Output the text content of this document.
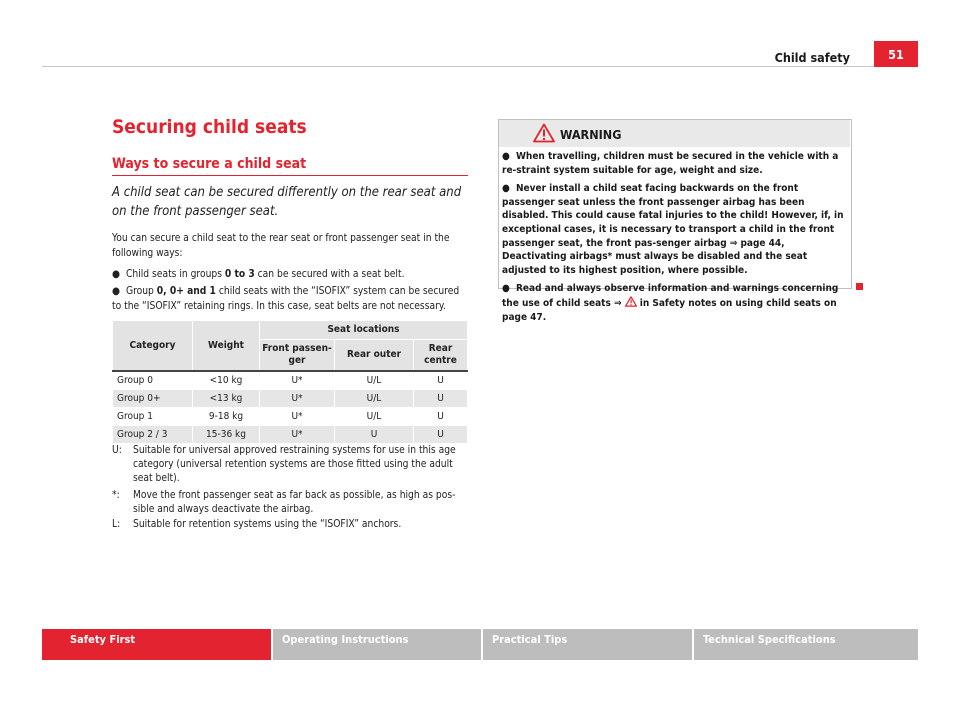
Child safety	51
Securing child seats
Ways to secure a child seat
A child seat can be secured differently on the rear seat and on the front passenger seat.
You can secure a child seat to the rear seat or front passenger seat in the following ways:
● Child seats in groups 0 to 3 can be secured with a seat belt.
● Group 0, 0+ and 1 child seats with the “ISOFIX” system can be secured to the “ISOFIX” retaining rings. In this case, seat belts are not necessary.
Category	Weight	Seat locations		
		Front passen-ger	Rear outer	Rear centre
Group 0	<10 kg	U*	U/L	U
Group 0+	<13 kg	U*	U/L	U
Group 1	9-18 kg	U*	U/L	U
Group 2 / 3	15-36 kg	U*	U	U
U:	Suitable for universal approved restraining systems for use in this age category (universal retention systems are those fitted using the adult seat belt).
*:	Move the front passenger seat as far back as possible, as high as pos-sible and always deactivate the airbag.
L:	Suitable for retention systems using the “ISOFIX” anchors.
WARNING

● When travelling, children must be secured in the vehicle with a re-straint system suitable for age, weight and size.

● Never install a child seat facing backwards on the front passenger seat unless the front passenger airbag has been disabled. This could cause fatal injuries to the child! However, if, in exceptional cases, it is necessary to transport a child in the front passenger seat, the front pas-senger airbag ⇒ page 44, Deactivating airbags* must always be disabled and the seat adjusted to its highest position, where possible.

● Read and always observe information and warnings concerning the use of child seats ⇒  in Safety notes on using child seats on page 47.

Safety First	Operating Instructions	Practical Tips	Technical Specifications
